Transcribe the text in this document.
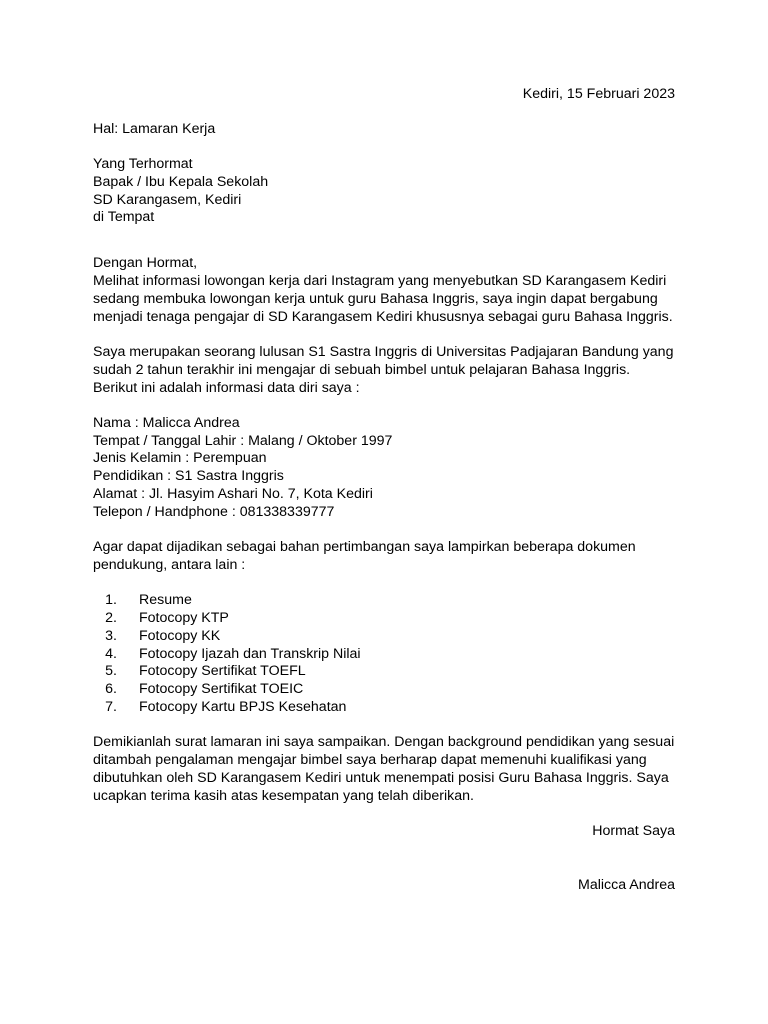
Kediri, 15 Februari 2023
Hal: Lamaran Kerja
Yang Terhormat
Bapak / Ibu Kepala Sekolah
SD Karangasem, Kediri
di Tempat
Dengan Hormat,
Melihat informasi lowongan kerja dari Instagram yang menyebutkan SD Karangasem Kediri
sedang membuka lowongan kerja untuk guru Bahasa Inggris, saya ingin dapat bergabung
menjadi tenaga pengajar di SD Karangasem Kediri khususnya sebagai guru Bahasa Inggris.
Saya merupakan seorang lulusan S1 Sastra Inggris di Universitas Padjajaran Bandung yang
sudah 2 tahun terakhir ini mengajar di sebuah bimbel untuk pelajaran Bahasa Inggris.
Berikut ini adalah informasi data diri saya :
Nama : Malicca Andrea
Tempat / Tanggal Lahir : Malang / Oktober 1997
Jenis Kelamin : Perempuan
Pendidikan : S1 Sastra Inggris
Alamat : Jl. Hasyim Ashari No. 7, Kota Kediri
Telepon / Handphone : 081338339777
Agar dapat dijadikan sebagai bahan pertimbangan saya lampirkan beberapa dokumen
pendukung, antara lain :
1. Resume
2. Fotocopy KTP
3. Fotocopy KK
4. Fotocopy Ijazah dan Transkrip Nilai
5. Fotocopy Sertifikat TOEFL
6. Fotocopy Sertifikat TOEIC
7. Fotocopy Kartu BPJS Kesehatan
Demikianlah surat lamaran ini saya sampaikan. Dengan background pendidikan yang sesuai
ditambah pengalaman mengajar bimbel saya berharap dapat memenuhi kualifikasi yang
dibutuhkan oleh SD Karangasem Kediri untuk menempati posisi Guru Bahasa Inggris. Saya
ucapkan terima kasih atas kesempatan yang telah diberikan.
Hormat Saya
Malicca Andrea
